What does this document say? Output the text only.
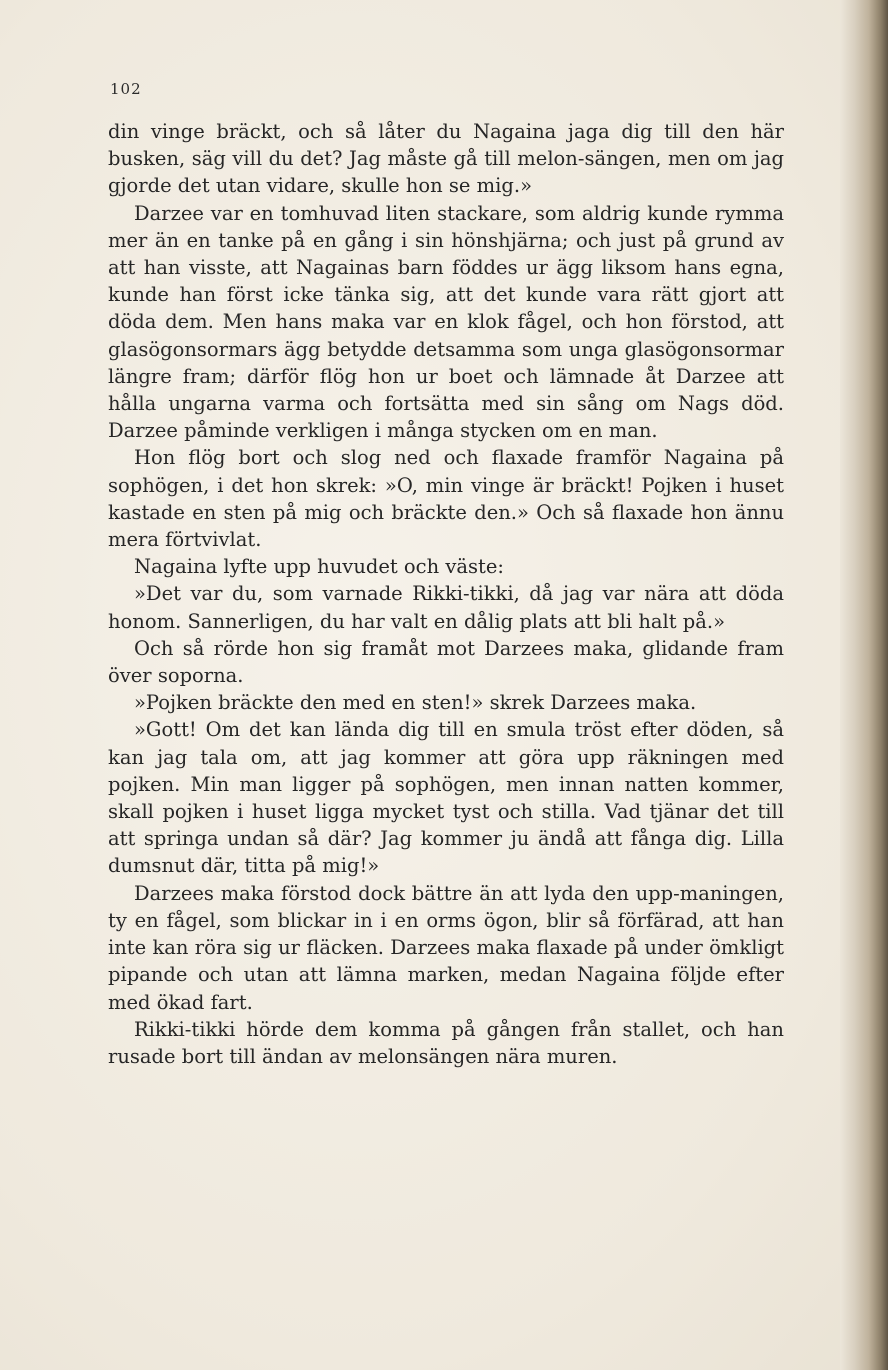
102

din vinge bräckt, och så låter du Nagaina jaga dig till den här busken, säg vill du det? Jag måste gå till melon-sängen, men om jag gjorde det utan vidare, skulle hon se mig.»

Darzee var en tomhuvad liten stackare, som aldrig kunde rymma mer än en tanke på en gång i sin hönshjärna; och just på grund av att han visste, att Nagainas barn föddes ur ägg liksom hans egna, kunde han först icke tänka sig, att det kunde vara rätt gjort att döda dem. Men hans maka var en klok fågel, och hon förstod, att glasögonsormars ägg betydde detsamma som unga glasögonsormar längre fram; därför flög hon ur boet och lämnade åt Darzee att hålla ungarna varma och fortsätta med sin sång om Nags död. Darzee påminde verkligen i många stycken om en man.

Hon flög bort och slog ned och flaxade framför Nagaina på sophögen, i det hon skrek: »O, min vinge är bräckt! Pojken i huset kastade en sten på mig och bräckte den.» Och så flaxade hon ännu mera förtvivlat.

Nagaina lyfte upp huvudet och väste:

»Det var du, som varnade Rikki-tikki, då jag var nära att döda honom. Sannerligen, du har valt en dålig plats att bli halt på.»

Och så rörde hon sig framåt mot Darzees maka, glidande fram över soporna.

»Pojken bräckte den med en sten!» skrek Darzees maka.

»Gott! Om det kan lända dig till en smula tröst efter döden, så kan jag tala om, att jag kommer att göra upp räkningen med pojken. Min man ligger på sophögen, men innan natten kommer, skall pojken i huset ligga mycket tyst och stilla. Vad tjänar det till att springa undan så där? Jag kommer ju ändå att fånga dig. Lilla dumsnut där, titta på mig!»

Darzees maka förstod dock bättre än att lyda den upp-maningen, ty en fågel, som blickar in i en orms ögon, blir så förfärad, att han inte kan röra sig ur fläcken. Darzees maka flaxade på under ömkligt pipande och utan att lämna marken, medan Nagaina följde efter med ökad fart.

Rikki-tikki hörde dem komma på gången från stallet, och han rusade bort till ändan av melonsängen nära muren.
